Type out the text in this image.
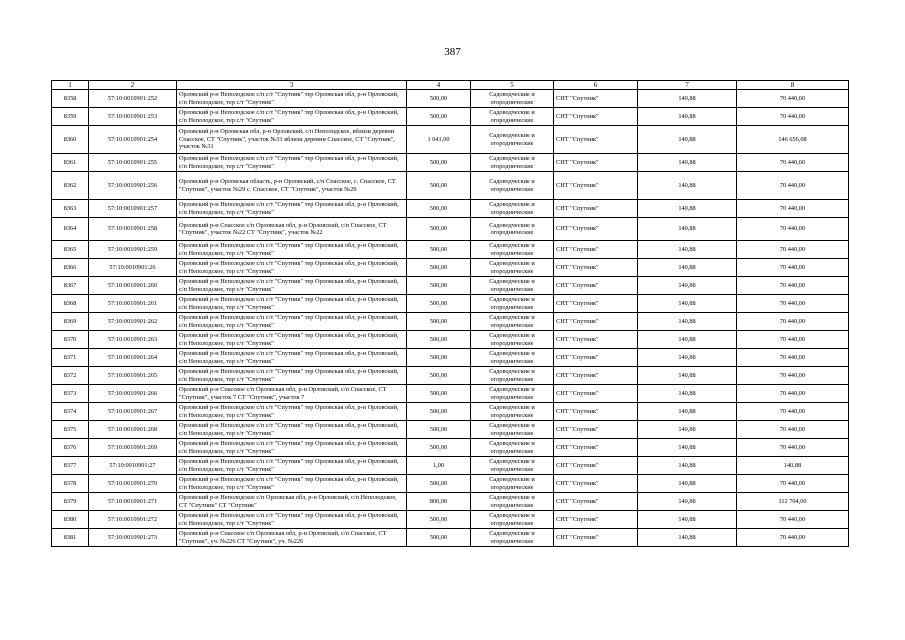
387
1	2	3	4	5	6	7	8
8358	57:10:0010901:252	Орловский р-н Неполодское с/п с/т "Спутник" тер Орловская обл, р-н Орловский, с/п Неполодское, тер с/т "Спутник"	500,00	Садоводческие и огороднические	СНТ "Спутник"	140,88	70 440,00
8359	57:10:0010901:253	Орловский р-н Неполодское с/п с/т "Спутник" тер Орловская обл, р-н Орловский, с/п Неполодское, тер с/т "Спутник"	500,00	Садоводческие и огороднические	СНТ "Спутник"	140,88	70 440,00
8360	57:10:0010901:254	Орловский р-н Орловская обл, р-н Орловский, с/п Неполодское, вблизи деревни Спасское, СТ "Спутник", участок №31 вблизи деревни Спасское, СТ "Спутник", участок №31	1 041,00	Садоводческие и огороднические	СНТ "Спутник"	140,88	146 656,08
8361	57:10:0010901:255	Орловский р-н Неполодское с/п с/т "Спутник" тер Орловская обл, р-н Орловский, с/п Неполодское, тер с/т "Спутник"	500,00	Садоводческие и огороднические	СНТ "Спутник"	140,88	70 440,00
8362	57:10:0010901:256	Орловский р-н Орловская область, р-н Орловский, с/п Спасское, с. Спасское, СТ "Спутник", участок №29 с. Спасское, СТ "Спутник", участок №29	500,00	Садоводческие и огороднические	СНТ "Спутник"	140,88	70 440,00
8363	57:10:0010901:257	Орловский р-н Неполодское с/п с/т "Спутник" тер Орловская обл, р-н Орловский, с/п Неполодское, тер с/т "Спутник"	500,00	Садоводческие и огороднические	СНТ "Спутник"	140,88	70 440,00
8364	57:10:0010901:258	Орловский р-н Спасское с/п Орловская обл, р-н Орловский, с/п Спасское, СТ "Спутник", участок №22 СТ "Спутник", участок №22	500,00	Садоводческие и огороднические	СНТ "Спутник"	140,88	70 440,00
8365	57:10:0010901:259	Орловский р-н Неполодское с/п с/т "Спутник" тер Орловская обл, р-н Орловский, с/п Неполодское, тер с/т "Спутник"	500,00	Садоводческие и огороднические	СНТ "Спутник"	140,88	70 440,00
8366	57:10:0010901:26	Орловский р-н Неполодское с/п с/т "Спутник" тер Орловская обл, р-н Орловский, с/п Неполодское, тер с/т "Спутник"	500,00	Садоводческие и огороднические	СНТ "Спутник"	140,88	70 440,00
8367	57:10:0010901:260	Орловский р-н Неполодское с/п с/т "Спутник" тер Орловская обл, р-н Орловский, с/п Неполодское, тер с/т "Спутник"	500,00	Садоводческие и огороднические	СНТ "Спутник"	140,88	70 440,00
8368	57:10:0010901:261	Орловский р-н Неполодское с/п с/т "Спутник" тер Орловская обл, р-н Орловский, с/п Неполодское, тер с/т "Спутник"	500,00	Садоводческие и огороднические	СНТ "Спутник"	140,88	70 440,00
8369	57:10:0010901:262	Орловский р-н Неполодское с/п с/т "Спутник" тер Орловская обл, р-н Орловский, с/п Неполодское, тер с/т "Спутник"	500,00	Садоводческие и огороднические	СНТ "Спутник"	140,88	70 440,00
8370	57:10:0010901:263	Орловский р-н Неполодское с/п с/т "Спутник" тер Орловская обл, р-н Орловский, с/п Неполодское, тер с/т "Спутник"	500,00	Садоводческие и огороднические	СНТ "Спутник"	140,88	70 440,00
8371	57:10:0010901:264	Орловский р-н Неполодское с/п с/т "Спутник" тер Орловская обл, р-н Орловский, с/п Неполодское, тер с/т "Спутник"	500,00	Садоводческие и огороднические	СНТ "Спутник"	140,88	70 440,00
8372	57:10:0010901:265	Орловский р-н Неполодское с/п с/т "Спутник" тер Орловская обл, р-н Орловский, с/п Неполодское, тер с/т "Спутник"	500,00	Садоводческие и огороднические	СНТ "Спутник"	140,88	70 440,00
8373	57:10:0010901:266	Орловский р-н Спасское с/п Орловская обл, р-н Орловский, с/п Спасское, СТ "Спутник", участок 7 СТ "Спутник", участок 7	500,00	Садоводческие и огороднические	СНТ "Спутник"	140,88	70 440,00
8374	57:10:0010901:267	Орловский р-н Неполодское с/п с/т "Спутник" тер Орловская обл, р-н Орловский, с/п Неполодское, тер с/т "Спутник"	500,00	Садоводческие и огороднические	СНТ "Спутник"	140,88	70 440,00
8375	57:10:0010901:268	Орловский р-н Неполодское с/п с/т "Спутник" тер Орловская обл, р-н Орловский, с/п Неполодское, тер с/т "Спутник"	500,00	Садоводческие и огороднические	СНТ "Спутник"	140,88	70 440,00
8376	57:10:0010901:269	Орловский р-н Неполодское с/п с/т "Спутник" тер Орловская обл, р-н Орловский, с/п Неполодское, тер с/т "Спутник"	500,00	Садоводческие и огороднические	СНТ "Спутник"	140,88	70 440,00
8377	57:10:0010901:27	Орловский р-н Неполодское с/п с/т "Спутник" тер Орловская обл, р-н Орловский, с/п Неполодское, тер с/т "Спутник"	1,00	Садоводческие и огороднические	СНТ "Спутник"	140,88	140,88
8378	57:10:0010901:270	Орловский р-н Неполодское с/п с/т "Спутник" тер Орловская обл, р-н Орловский, с/п Неполодское, тер с/т "Спутник"	500,00	Садоводческие и огороднические	СНТ "Спутник"	140,88	70 440,00
8379	57:10:0010901:271	Орловский р-н Неполодское с/п Орловская обл, р-н Орловский, с/п Неполодское, СТ "Спутник" СТ "Спутник"	800,00	Садоводческие и огороднические	СНТ "Спутник"	140,88	112 704,00
8380	57:10:0010901:272	Орловский р-н Неполодское с/п с/т "Спутник" тер Орловская обл, р-н Орловский, с/п Неполодское, тер с/т "Спутник"	500,00	Садоводческие и огороднические	СНТ "Спутник"	140,88	70 440,00
8381	57:10:0010901:273	Орловский р-н Спасское с/п Орловская обл, р-н Орловский, с/п Спасское, СТ "Спутник", уч. №226 СТ "Спутник", уч. №226	500,00	Садоводческие и огороднические	СНТ "Спутник"	140,88	70 440,00
